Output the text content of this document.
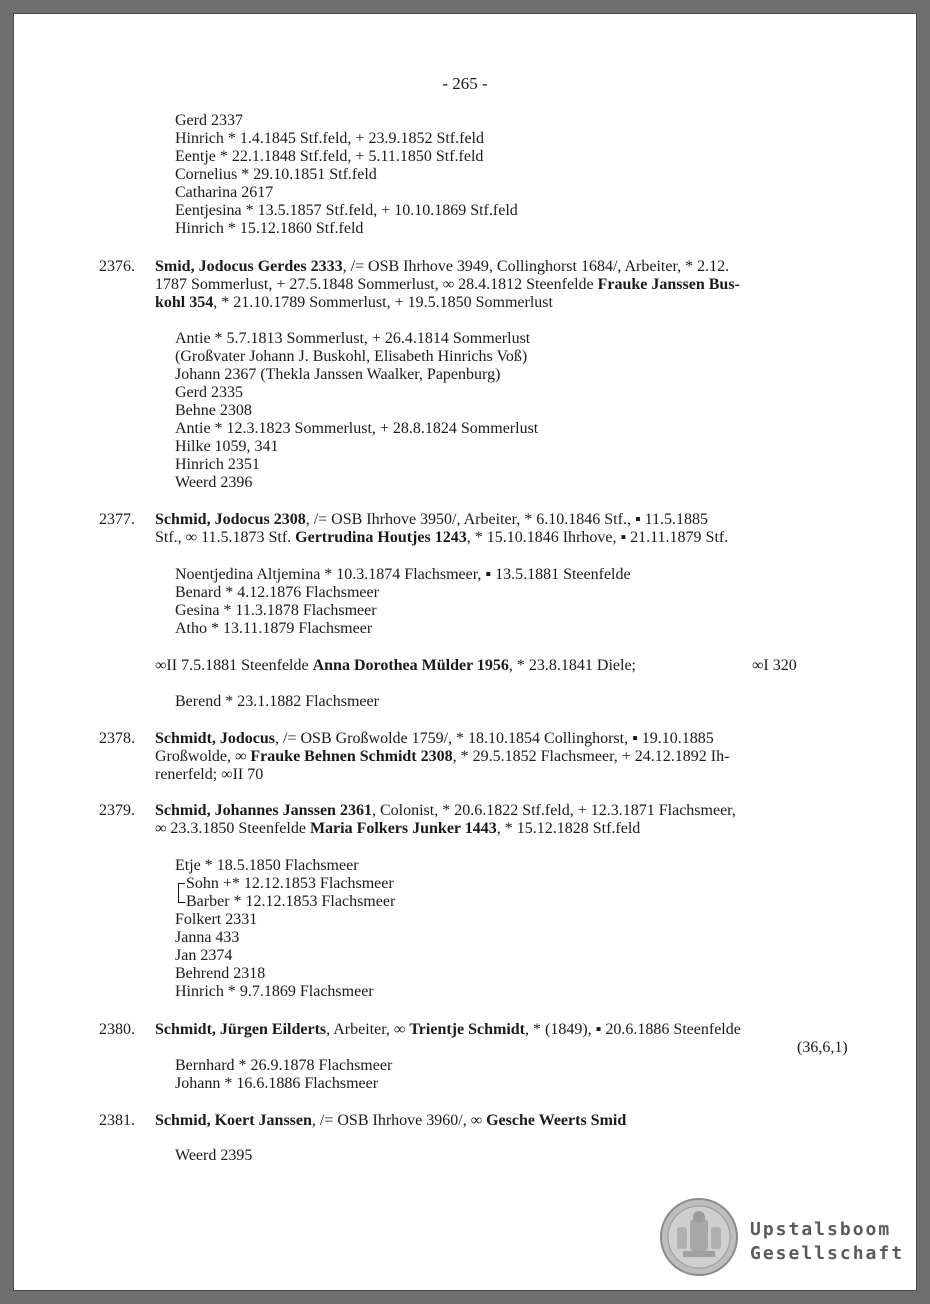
- 265 -
Gerd 2337
Hinrich * 1.4.1845 Stf.feld, + 23.9.1852 Stf.feld
Eentje * 22.1.1848 Stf.feld, + 5.11.1850 Stf.feld
Cornelius * 29.10.1851 Stf.feld
Catharina 2617
Eentjesina * 13.5.1857 Stf.feld, + 10.10.1869 Stf.feld
Hinrich * 15.12.1860 Stf.feld
2376. Smid, Jodocus Gerdes 2333, /= OSB Ihrhove 3949, Collinghorst 1684/, Arbeiter, * 2.12.
1787 Sommerlust, + 27.5.1848 Sommerlust, ∞ 28.4.1812 Steenfelde Frauke Janssen Bus-
kohl 354, * 21.10.1789 Sommerlust, + 19.5.1850 Sommerlust
Antie * 5.7.1813 Sommerlust, + 26.4.1814 Sommerlust
(Großvater Johann J. Buskohl, Elisabeth Hinrichs Voß)
Johann 2367 (Thekla Janssen Waalker, Papenburg)
Gerd 2335
Behne 2308
Antie * 12.3.1823 Sommerlust, + 28.8.1824 Sommerlust
Hilke 1059, 341
Hinrich 2351
Weerd 2396
2377. Schmid, Jodocus 2308, /= OSB Ihrhove 3950/, Arbeiter, * 6.10.1846 Stf., ▪ 11.5.1885
Stf., ∞ 11.5.1873 Stf. Gertrudina Houtjes 1243, * 15.10.1846 Ihrhove, ▪ 21.11.1879 Stf.
Noentjedina Altjemina * 10.3.1874 Flachsmeer, ▪ 13.5.1881 Steenfelde
Benard * 4.12.1876 Flachsmeer
Gesina * 11.3.1878 Flachsmeer
Atho * 13.11.1879 Flachsmeer
∞II 7.5.1881 Steenfelde Anna Dorothea Mülder 1956, * 23.8.1841 Diele;	∞I 320
Berend * 23.1.1882 Flachsmeer
2378. Schmidt, Jodocus, /= OSB Großwolde 1759/, * 18.10.1854 Collinghorst, ▪ 19.10.1885
Großwolde, ∞ Frauke Behnen Schmidt 2308, * 29.5.1852 Flachsmeer, + 24.12.1892 Ih-
renerfeld; ∞II 70
2379. Schmid, Johannes Janssen 2361, Colonist, * 20.6.1822 Stf.feld, + 12.3.1871 Flachsmeer,
∞ 23.3.1850 Steenfelde Maria Folkers Junker 1443, * 15.12.1828 Stf.feld
Etje * 18.5.1850 Flachsmeer
Sohn +* 12.12.1853 Flachsmeer
Barber * 12.12.1853 Flachsmeer
Folkert 2331
Janna 433
Jan 2374
Behrend 2318
Hinrich * 9.7.1869 Flachsmeer
2380. Schmidt, Jürgen Eilderts, Arbeiter, ∞ Trientje Schmidt, * (1849), ▪ 20.6.1886 Steenfelde
(36,6,1)
Bernhard * 26.9.1878 Flachsmeer
Johann * 16.6.1886 Flachsmeer
2381. Schmid, Koert Janssen, /= OSB Ihrhove 3960/, ∞ Gesche Weerts Smid
Weerd 2395
Upstalsboom
Gesellschaft
